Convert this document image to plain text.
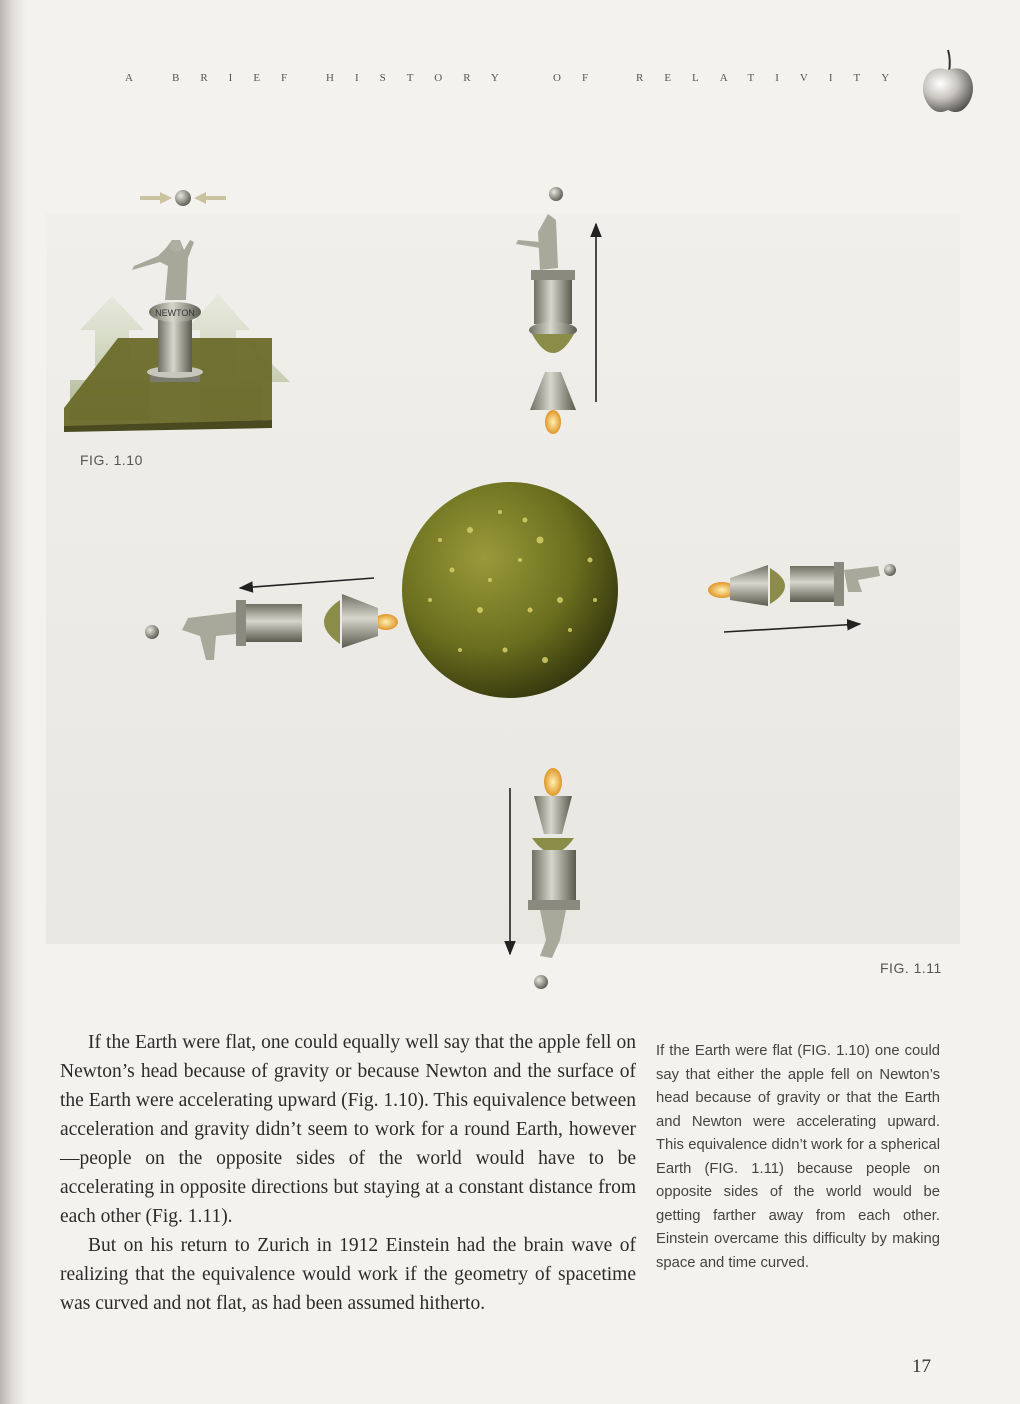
A BRIEF HISTORY	OF RELATIVITY
NEWTON
FIG. 1.10
FIG. 1.11

If the Earth were flat, one could equally well say that the apple fell on Newton’s head because of gravity or because Newton and the surface of the Earth were accelerating upward (Fig. 1.10). This equivalence between acceleration and gravity didn’t seem to work for a round Earth, however—people on the opposite sides of the world would have to be accelerating in opposite directions but staying at a constant distance from each other (Fig. 1.11).

But on his return to Zurich in 1912 Einstein had the brain wave of realizing that the equivalence would work if the geometry of spacetime was curved and not flat, as had been assumed hitherto.

If the Earth were flat (FIG. 1.10) one could say that either the apple fell on Newton’s head because of gravity or that the Earth and Newton were accelerating upward. This equivalence didn’t work for a spherical Earth (FIG. 1.11) because people on opposite sides of the world would be getting farther away from each other. Einstein overcame this difficulty by making space and time curved.

17
